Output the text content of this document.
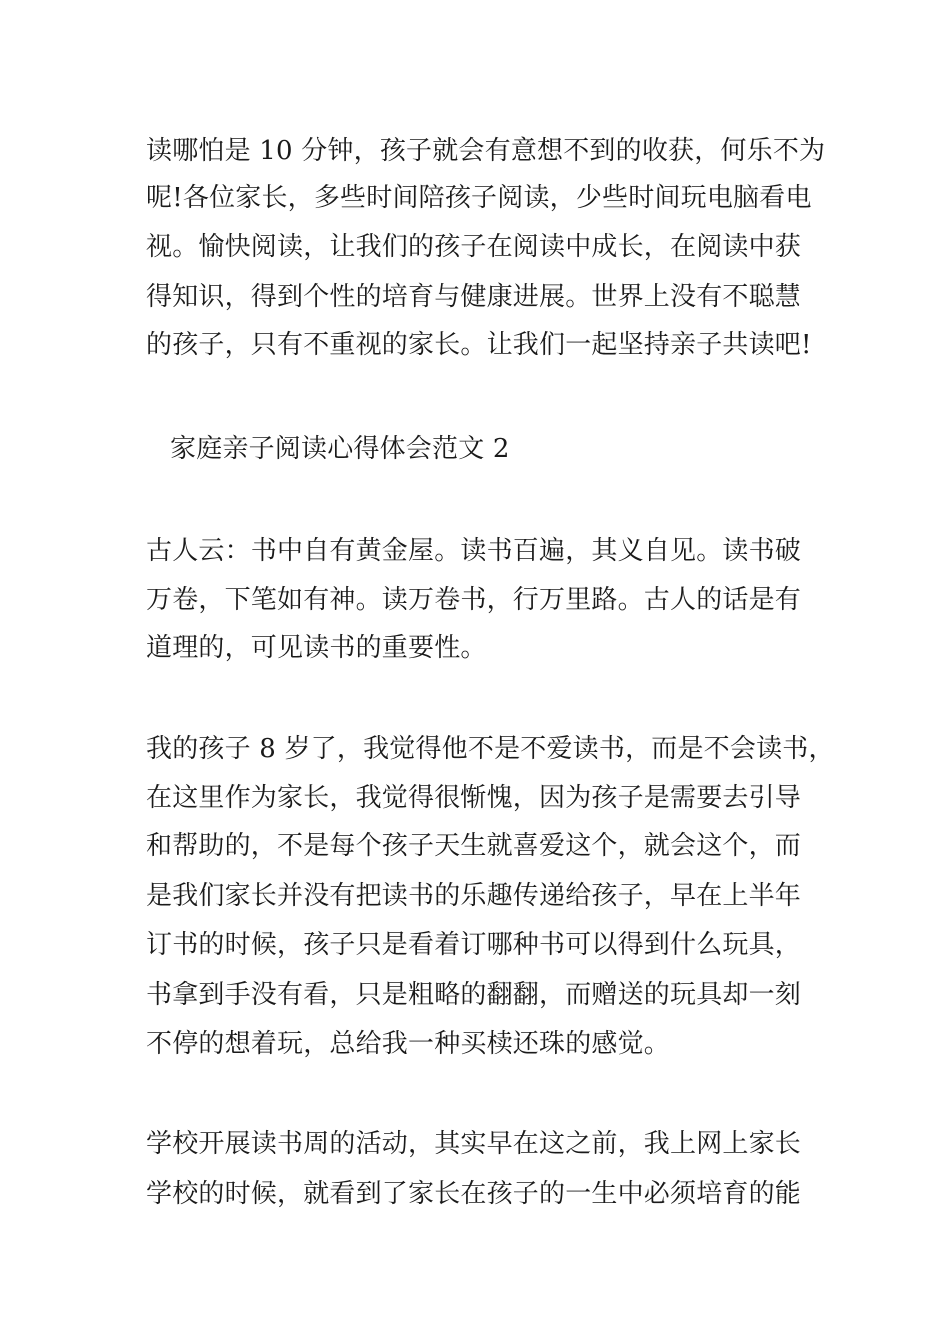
读哪怕是 10 分钟，孩子就会有意想不到的收获，何乐不为

呢!各位家长，多些时间陪孩子阅读，少些时间玩电脑看电

视。愉快阅读，让我们的孩子在阅读中成长，在阅读中获

得知识，得到个性的培育与健康进展。世界上没有不聪慧

的孩子，只有不重视的家长。让我们一起坚持亲子共读吧!

家庭亲子阅读心得体会范文 2

古人云：书中自有黄金屋。读书百遍，其义自见。读书破

万卷，下笔如有神。读万卷书，行万里路。古人的话是有

道理的，可见读书的重要性。

我的孩子 8 岁了，我觉得他不是不爱读书，而是不会读书，

在这里作为家长，我觉得很惭愧，因为孩子是需要去引导

和帮助的，不是每个孩子天生就喜爱这个，就会这个，而

是我们家长并没有把读书的乐趣传递给孩子，早在上半年

订书的时候，孩子只是看着订哪种书可以得到什么玩具，

书拿到手没有看，只是粗略的翻翻，而赠送的玩具却一刻

不停的想着玩，总给我一种买椟还珠的感觉。

学校开展读书周的活动，其实早在这之前，我上网上家长

学校的时候，就看到了家长在孩子的一生中必须培育的能
